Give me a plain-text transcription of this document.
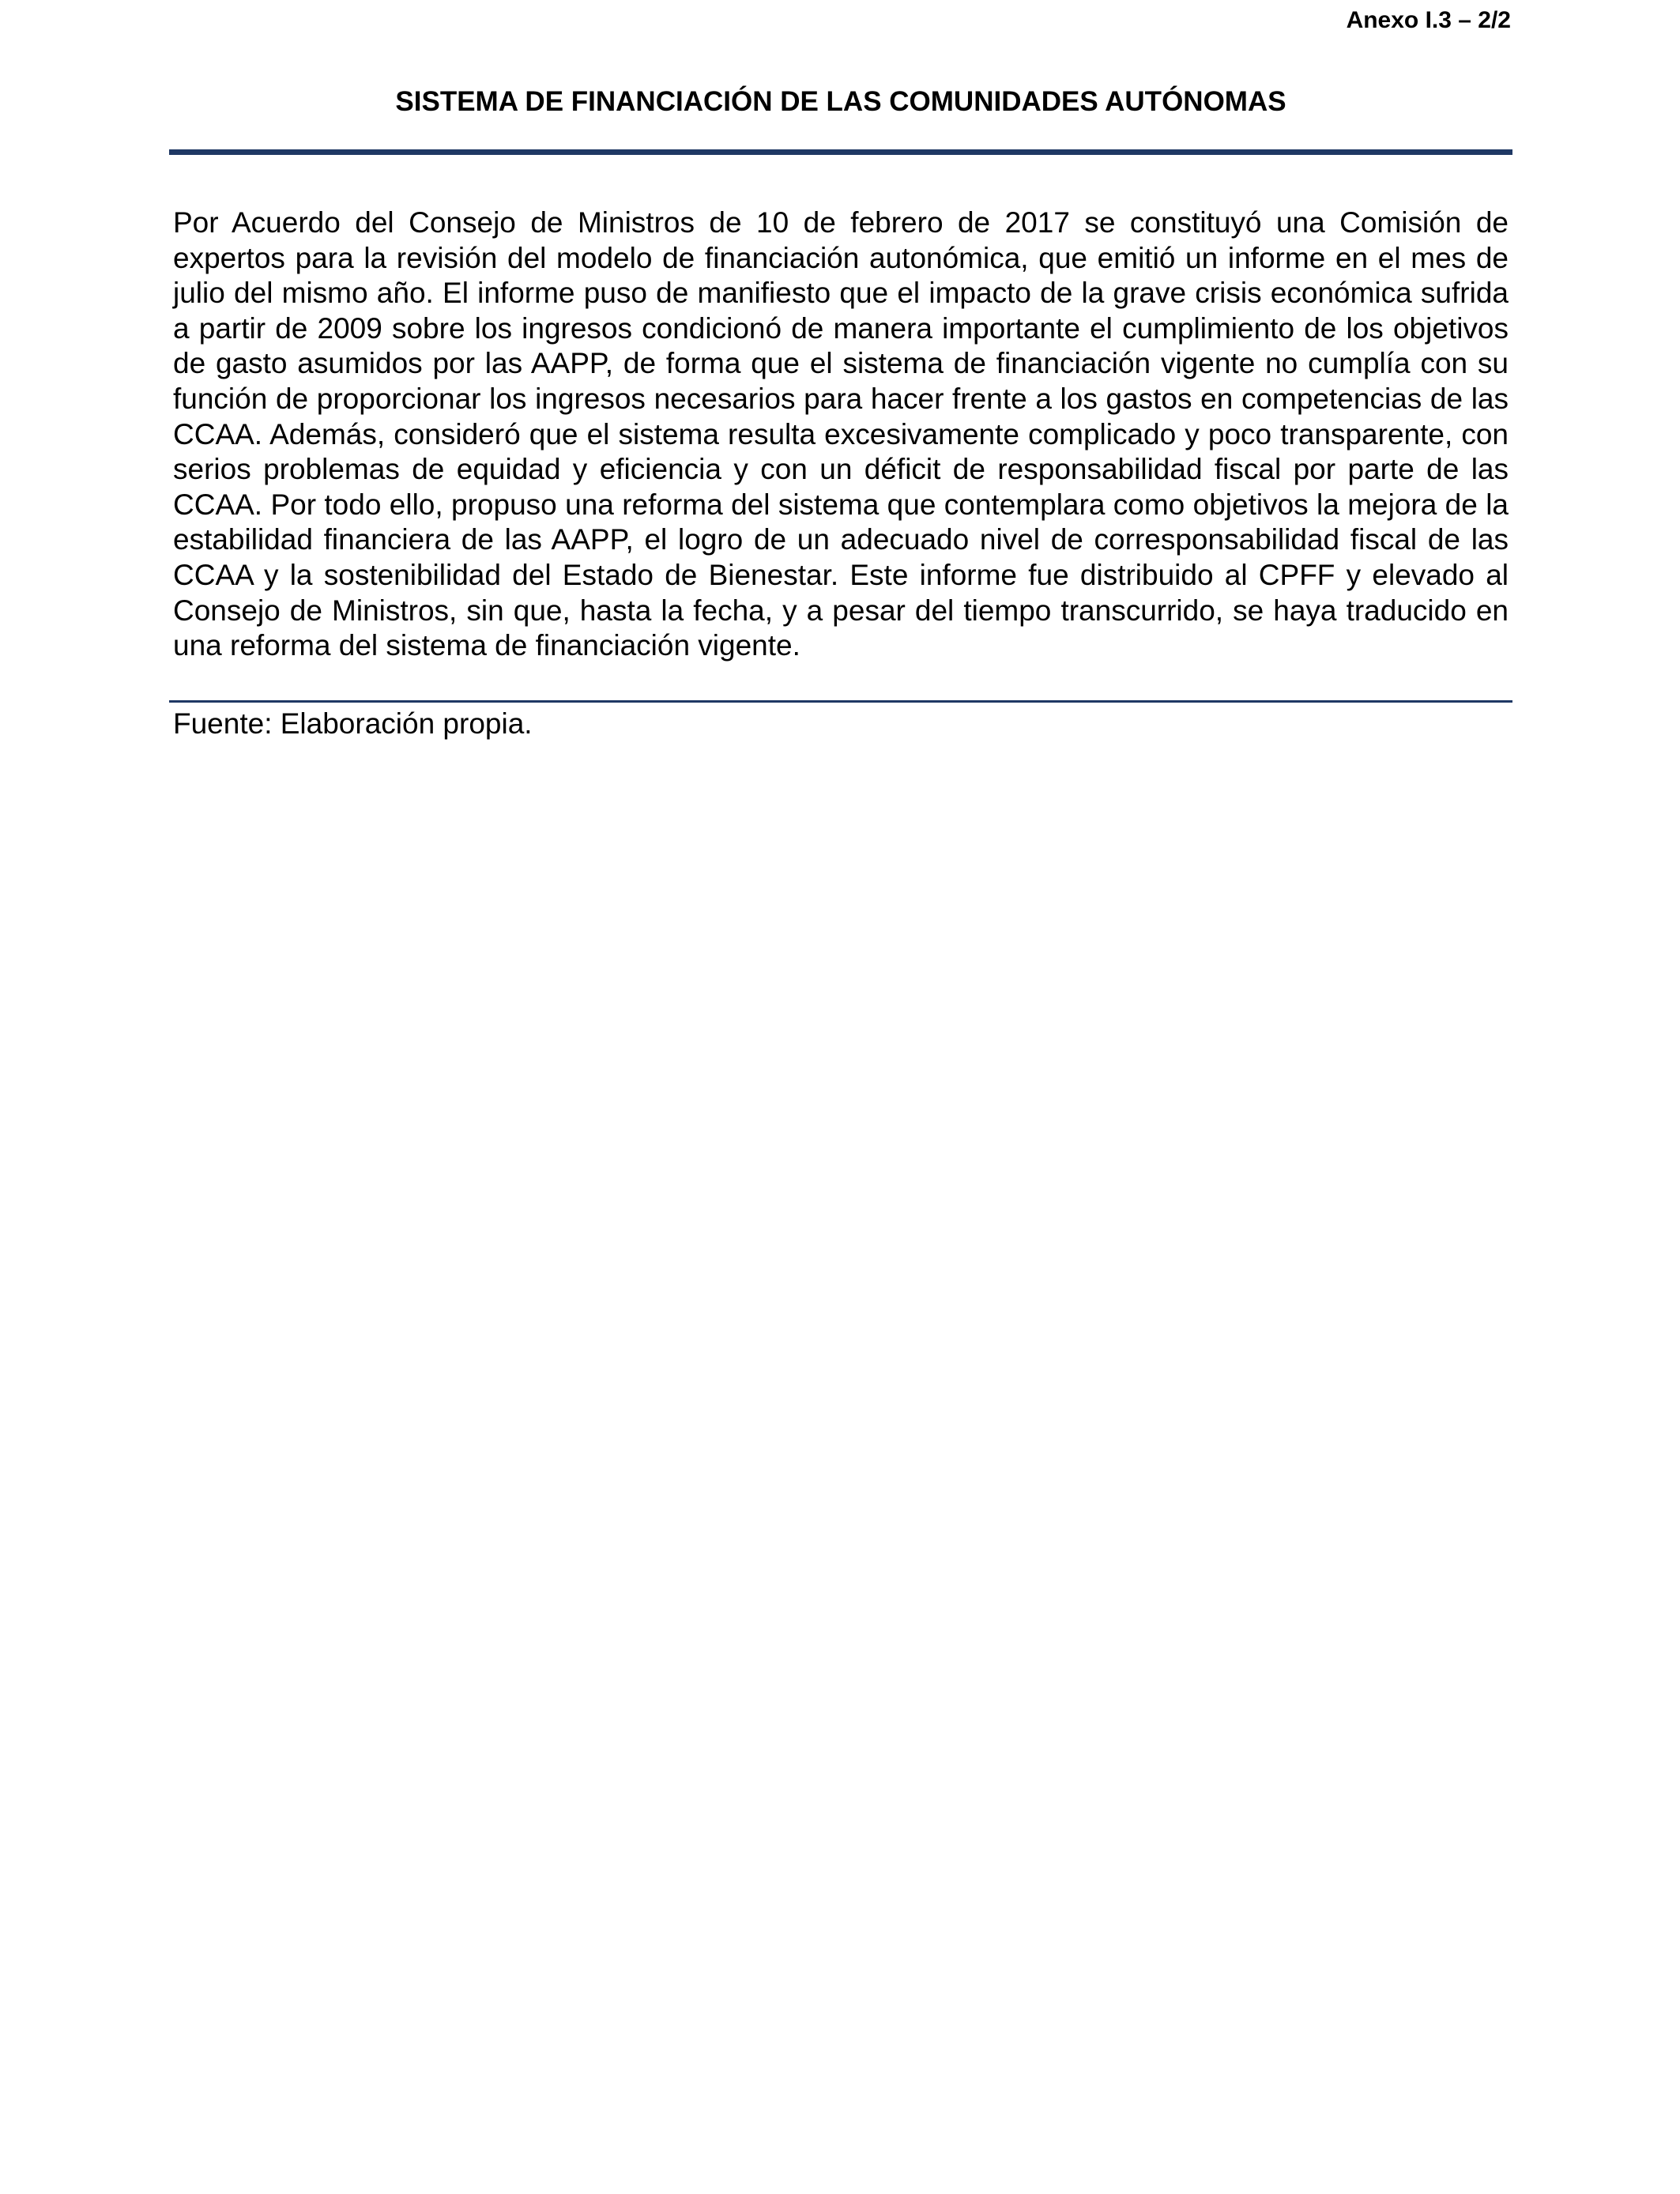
Anexo I.3 – 2/2
SISTEMA DE FINANCIACIÓN DE LAS COMUNIDADES AUTÓNOMAS

Por Acuerdo del Consejo de Ministros de 10 de febrero de 2017 se constituyó una Comisión de expertos para la revisión del modelo de financiación autonómica, que emitió un informe en el mes de julio del mismo año. El informe puso de manifiesto que el impacto de la grave crisis económica sufrida a partir de 2009 sobre los ingresos condicionó de manera importante el cumplimiento de los objetivos de gasto asumidos por las AAPP, de forma que el sistema de financiación vigente no cumplía con su función de proporcionar los ingresos necesarios para hacer frente a los gastos en competencias de las CCAA. Además, consideró que el sistema resulta excesivamente complicado y poco transparente, con serios problemas de equidad y eficiencia y con un déficit de responsabilidad fiscal por parte de las CCAA. Por todo ello, propuso una reforma del sistema que contemplara como objetivos la mejora de la estabilidad financiera de las AAPP, el logro de un adecuado nivel de corresponsabilidad fiscal de las CCAA y la sostenibilidad del Estado de Bienestar. Este informe fue distribuido al CPFF y elevado al Consejo de Ministros, sin que, hasta la fecha, y a pesar del tiempo transcurrido, se haya traducido en una reforma del sistema de financiación vigente.

Fuente: Elaboración propia.
